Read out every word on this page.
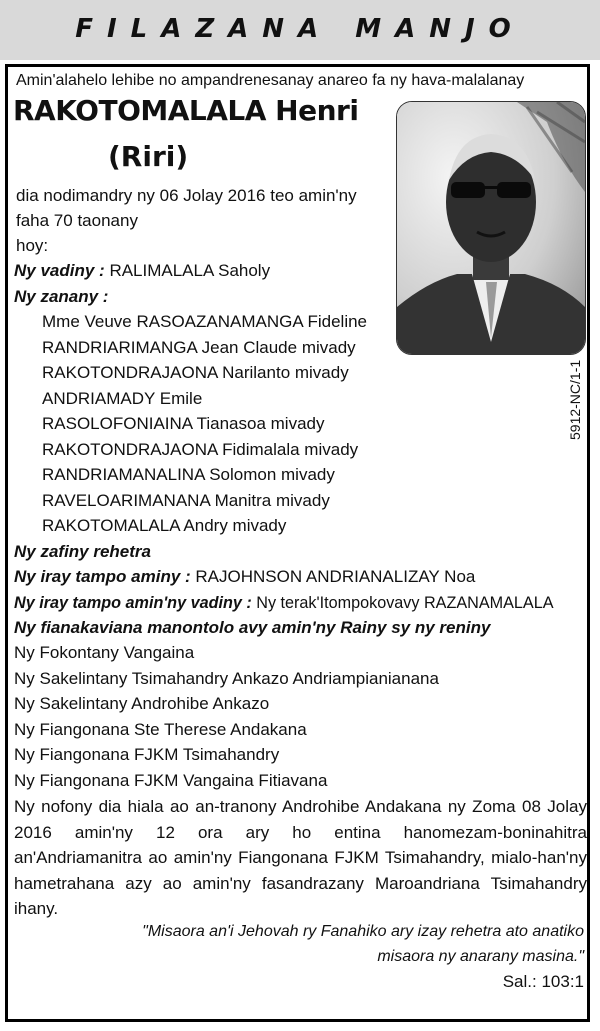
FILAZANA MANJO
Amin'alahelo lehibe no ampandrenesanay anareo fa ny hava-malalanay
RAKOTOMALALA Henri
(Riri)
5912-NC/1-1
dia nodimandry ny 06 Jolay 2016 teo amin'ny
faha 70 taonany
hoy:
Ny vadiny : RALIMALALA Saholy
Ny zanany :
Mme Veuve RASOAZANAMANGA Fideline
RANDRIARIMANGA Jean Claude mivady
RAKOTONDRAJAONA Narilanto mivady
ANDRIAMADY Emile
RASOLOFONIAINA Tianasoa mivady
RAKOTONDRAJAONA Fidimalala mivady
RANDRIAMANALINA Solomon mivady
RAVELOARIMANANA Manitra mivady
RAKOTOMALALA Andry mivady
Ny zafiny rehetra
Ny iray tampo aminy : RAJOHNSON ANDRIANALIZAY Noa
Ny iray tampo amin'ny vadiny : Ny terak'Itompokovavy RAZANAMALALA
Ny fianakaviana manontolo avy amin'ny Rainy sy ny reniny
Ny Fokontany Vangaina
Ny Sakelintany Tsimahandry Ankazo Andriampianianana
Ny Sakelintany Androhibe Ankazo
Ny Fiangonana Ste Therese Andakana
Ny Fiangonana FJKM Tsimahandry
Ny Fiangonana FJKM Vangaina Fitiavana
Ny nofony dia hiala ao an-tranony Androhibe Andakana ny Zoma 08 Jolay 2016 amin'ny 12 ora ary ho entina hanomezam-boninahitra an'Andriamanitra ao amin'ny Fiangonana FJKM Tsimahandry, mialo-han'ny hametrahana azy ao amin'ny fasandrazany Maroandriana Tsimahandry ihany.
"Misaora an'i Jehovah ry Fanahiko ary izay rehetra ato anatiko
misaora ny anarany masina."
Sal.: 103:1
